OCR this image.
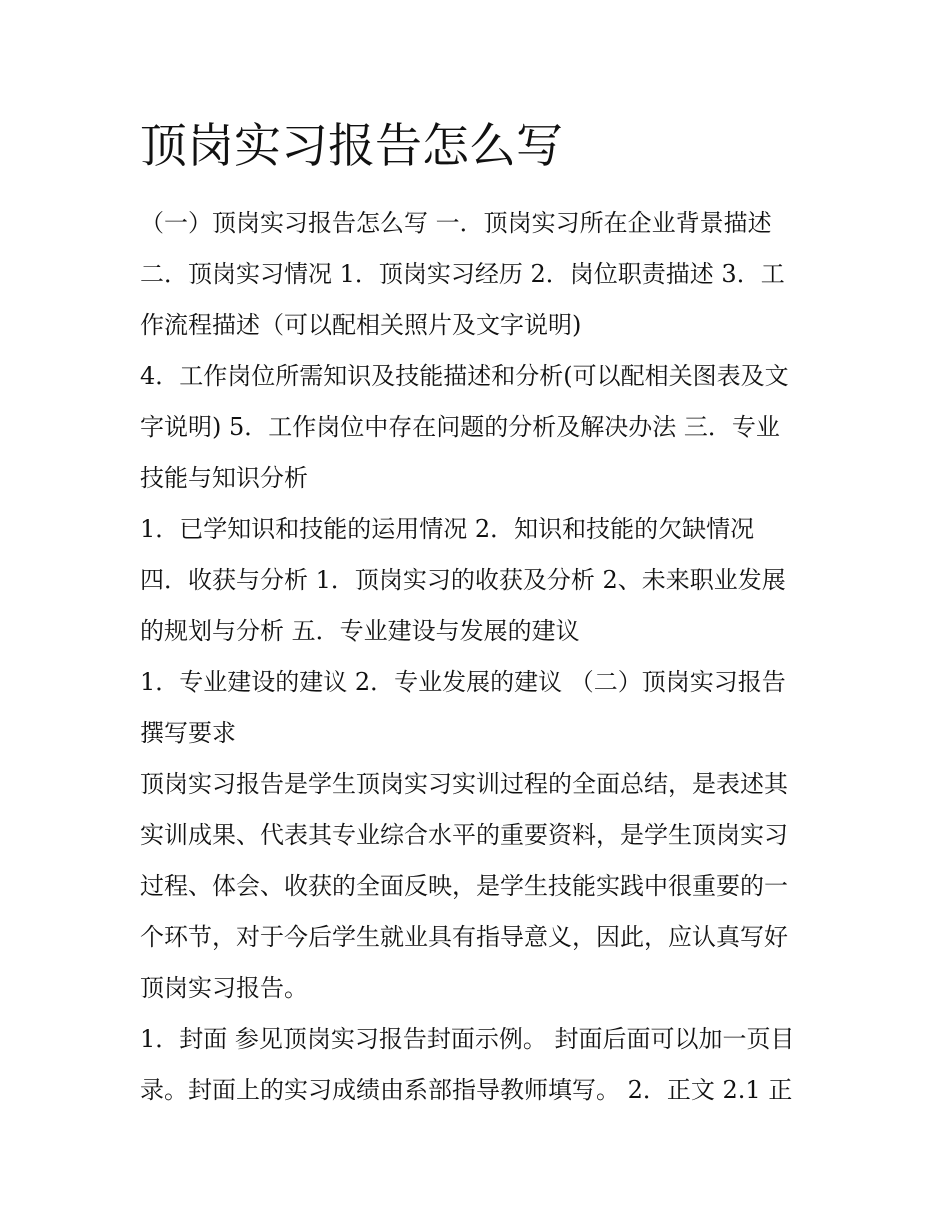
顶岗实习报告怎么写
（一）顶岗实习报告怎么写 一．顶岗实习所在企业背景描述
二．顶岗实习情况 1．顶岗实习经历 2．岗位职责描述 3．工
作流程描述（可以配相关照片及文字说明)
4．工作岗位所需知识及技能描述和分析(可以配相关图表及文
字说明) 5．工作岗位中存在问题的分析及解决办法 三．专业
技能与知识分析
1．已学知识和技能的运用情况 2．知识和技能的欠缺情况
四．收获与分析 1．顶岗实习的收获及分析 2、未来职业发展
的规划与分析 五．专业建设与发展的建议
1．专业建设的建议 2．专业发展的建议 （二）顶岗实习报告
撰写要求
顶岗实习报告是学生顶岗实习实训过程的全面总结，是表述其
实训成果、代表其专业综合水平的重要资料，是学生顶岗实习
过程、体会、收获的全面反映，是学生技能实践中很重要的一
个环节，对于今后学生就业具有指导意义，因此，应认真写好
顶岗实习报告。
1．封面 参见顶岗实习报告封面示例。 封面后面可以加一页目
录。封面上的实习成绩由系部指导教师填写。 2．正文 2.1 正
